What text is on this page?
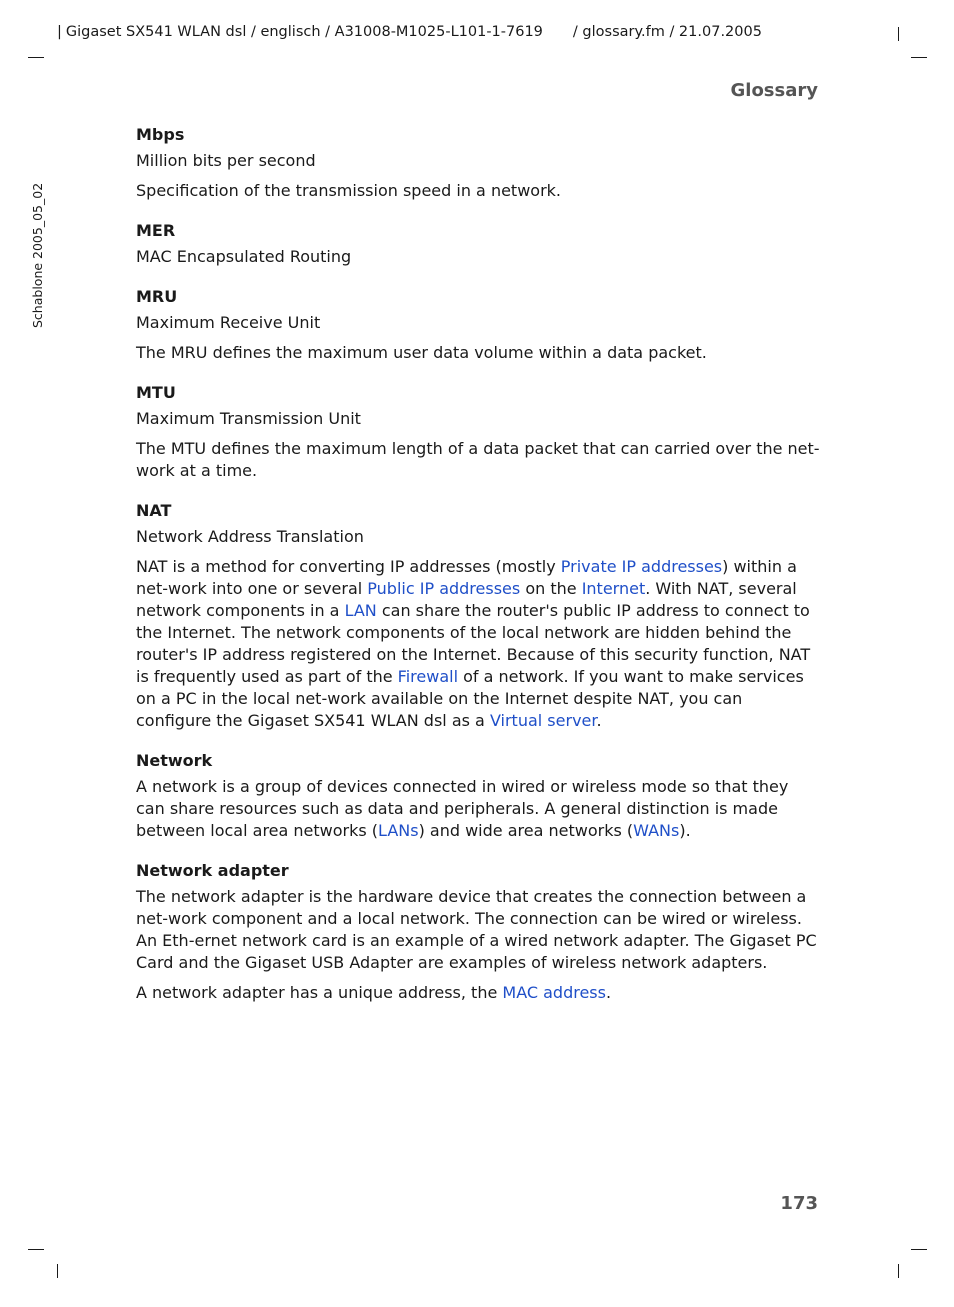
| Gigaset SX541 WLAN dsl / englisch / A31008-M1025-L101-1-7619 / glossary.fm / 21.07.2005
Schablone 2005_05_02
Glossary
Mbps

Million bits per second

Specification of the transmission speed in a network.

MER

MAC Encapsulated Routing

MRU

Maximum Receive Unit

The MRU defines the maximum user data volume within a data packet.

MTU

Maximum Transmission Unit

The MTU defines the maximum length of a data packet that can carried over the net-work at a time.

NAT

Network Address Translation

NAT is a method for converting IP addresses (mostly Private IP addresses) within a net-work into one or several Public IP addresses on the Internet. With NAT, several network components in a LAN can share the router's public IP address to connect to the Internet. The network components of the local network are hidden behind the router's IP address registered on the Internet. Because of this security function, NAT is frequently used as part of the Firewall of a network. If you want to make services on a PC in the local net-work available on the Internet despite NAT, you can configure the Gigaset SX541 WLAN dsl as a Virtual server.

Network

A network is a group of devices connected in wired or wireless mode so that they can share resources such as data and peripherals. A general distinction is made between local area networks (LANs) and wide area networks (WANs).

Network adapter

The network adapter is the hardware device that creates the connection between a net-work component and a local network. The connection can be wired or wireless. An Eth-ernet network card is an example of a wired network adapter. The Gigaset PC Card and the Gigaset USB Adapter are examples of wireless network adapters.

A network adapter has a unique address, the MAC address.

173
